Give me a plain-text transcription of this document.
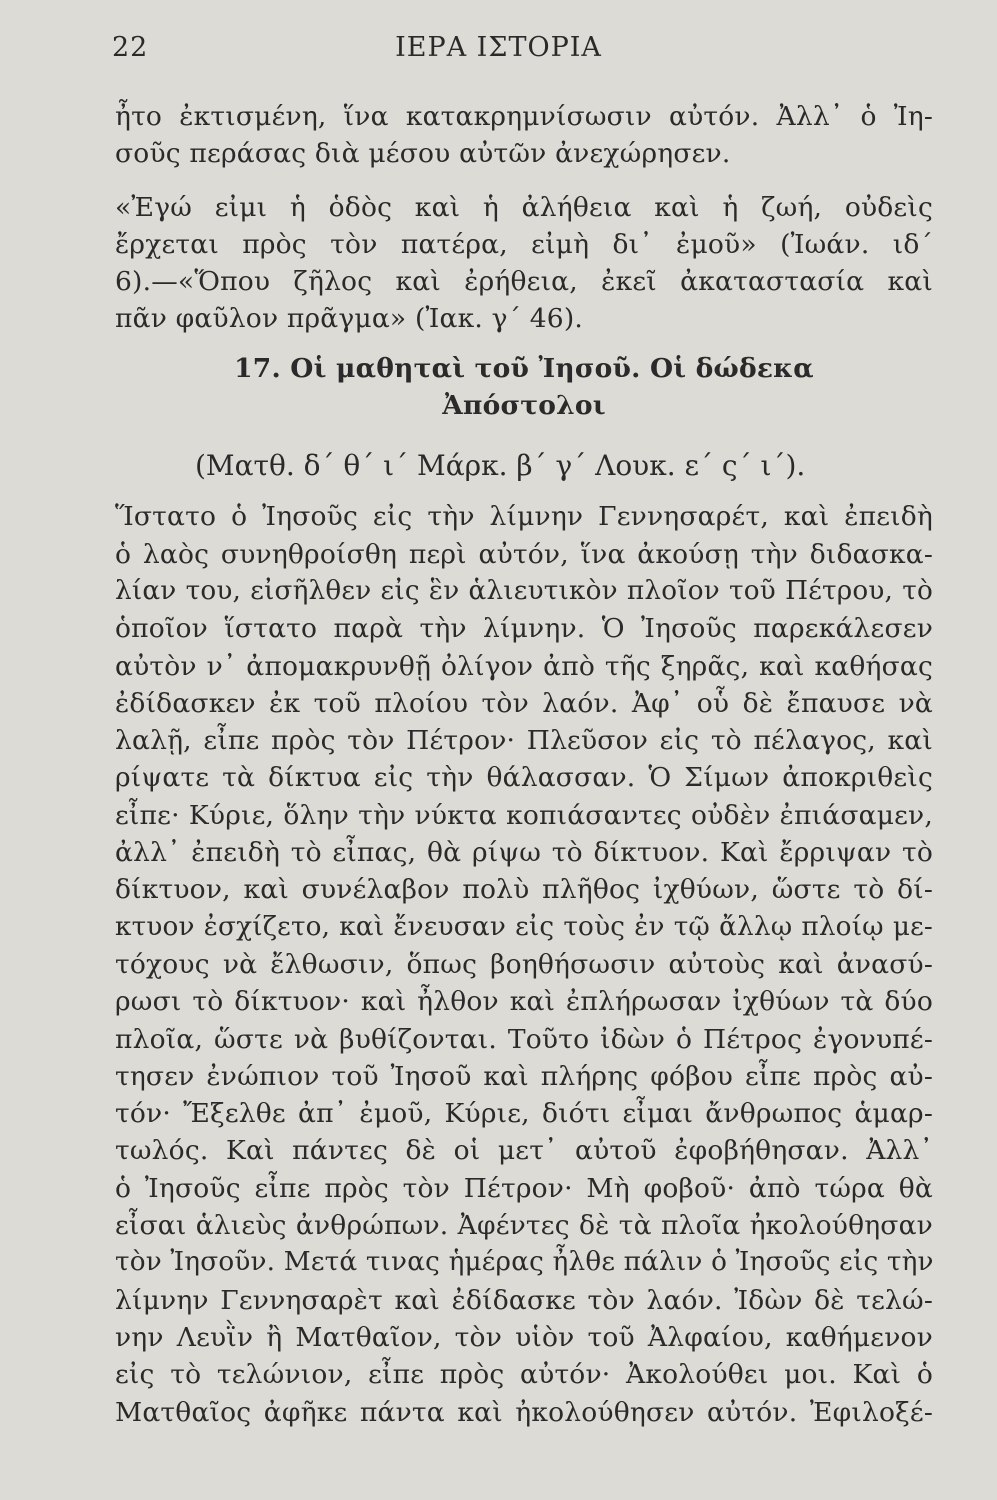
22	ΙΕΡΑ ΙΣΤΟΡΙΑ
ἦτο ἐκτισμένη, ἵνα κατακρημνίσωσιν αὐτόν. Ἀλλ᾽ ὁ Ἰη-
σοῦς περάσας διὰ μέσου αὐτῶν ἀνεχώρησεν.
«Ἐγώ εἰμι ἡ ὁδὸς καὶ ἡ ἀλήθεια καὶ ἡ ζωή, οὐδεὶς
ἔρχεται πρὸς τὸν πατέρα, εἰμὴ δι᾽ ἐμοῦ» (Ἰωάν. ιδ΄
6).—«Ὅπου ζῆλος καὶ ἐρήθεια, ἐκεῖ ἀκαταστασία καὶ
πᾶν φαῦλον πρᾶγμα» (Ἰακ. γ΄ 46).
17. Οἱ μαθηταὶ τοῦ Ἰησοῦ. Οἱ δώδεκα
Ἀπόστολοι
(Ματθ. δ΄ θ΄ ι΄ Μάρκ. β΄ γ΄ Λουκ. ε΄ ς΄ ι΄).
Ἵστατο ὁ Ἰησοῦς εἰς τὴν λίμνην Γεννησαρέτ, καὶ ἐπειδὴ
ὁ λαὸς συνηθροίσθη περὶ αὐτόν, ἵνα ἀκούσῃ τὴν διδασκα-
λίαν του, εἰσῆλθεν εἰς ἓν ἁλιευτικὸν πλοῖον τοῦ Πέτρου, τὸ
ὁποῖον ἵστατο παρὰ τὴν λίμνην. Ὁ Ἰησοῦς παρεκάλεσεν
αὐτὸν ν᾽ ἀπομακρυνθῇ ὀλίγον ἀπὸ τῆς ξηρᾶς, καὶ καθήσας
ἐδίδασκεν ἐκ τοῦ πλοίου τὸν λαόν. Ἀφ᾽ οὗ δὲ ἔπαυσε νὰ
λαλῇ, εἶπε πρὸς τὸν Πέτρον· Πλεῦσον εἰς τὸ πέλαγος, καὶ
ρίψατε τὰ δίκτυα εἰς τὴν θάλασσαν. Ὁ Σίμων ἀποκριθεὶς
εἶπε· Κύριε, ὅλην τὴν νύκτα κοπιάσαντες οὐδὲν ἐπιάσαμεν,
ἀλλ᾽ ἐπειδὴ τὸ εἶπας, θὰ ρίψω τὸ δίκτυον. Καὶ ἔρριψαν τὸ
δίκτυον, καὶ συνέλαβον πολὺ πλῆθος ἰχθύων, ὥστε τὸ δί-
κτυον ἐσχίζετο, καὶ ἔνευσαν εἰς τοὺς ἐν τῷ ἄλλῳ πλοίῳ με-
τόχους νὰ ἔλθωσιν, ὅπως βοηθήσωσιν αὐτοὺς καὶ ἀνασύ-
ρωσι τὸ δίκτυον· καὶ ἦλθον καὶ ἐπλήρωσαν ἰχθύων τὰ δύο
πλοῖα, ὥστε νὰ βυθίζονται. Τοῦτο ἰδὼν ὁ Πέτρος ἐγονυπέ-
τησεν ἐνώπιον τοῦ Ἰησοῦ καὶ πλήρης φόβου εἶπε πρὸς αὐ-
τόν· Ἔξελθε ἀπ᾽ ἐμοῦ, Κύριε, διότι εἶμαι ἄνθρωπος ἁμαρ-
τωλός. Καὶ πάντες δὲ οἱ μετ᾽ αὐτοῦ ἐφοβήθησαν. Ἀλλ᾽
ὁ Ἰησοῦς εἶπε πρὸς τὸν Πέτρον· Μὴ φοβοῦ· ἀπὸ τώρα θὰ
εἶσαι ἁλιεὺς ἀνθρώπων. Ἀφέντες δὲ τὰ πλοῖα ἠκολούθησαν
τὸν Ἰησοῦν. Μετά τινας ἡμέρας ἦλθε πάλιν ὁ Ἰησοῦς εἰς τὴν
λίμνην Γεννησαρὲτ καὶ ἐδίδασκε τὸν λαόν. Ἰδὼν δὲ τελώ-
νην Λευῒν ἢ Ματθαῖον, τὸν υἱὸν τοῦ Ἀλφαίου, καθήμενον
εἰς τὸ τελώνιον, εἶπε πρὸς αὐτόν· Ἀκολούθει μοι. Καὶ ὁ
Ματθαῖος ἀφῆκε πάντα καὶ ἠκολούθησεν αὐτόν. Ἐφιλοξέ-
